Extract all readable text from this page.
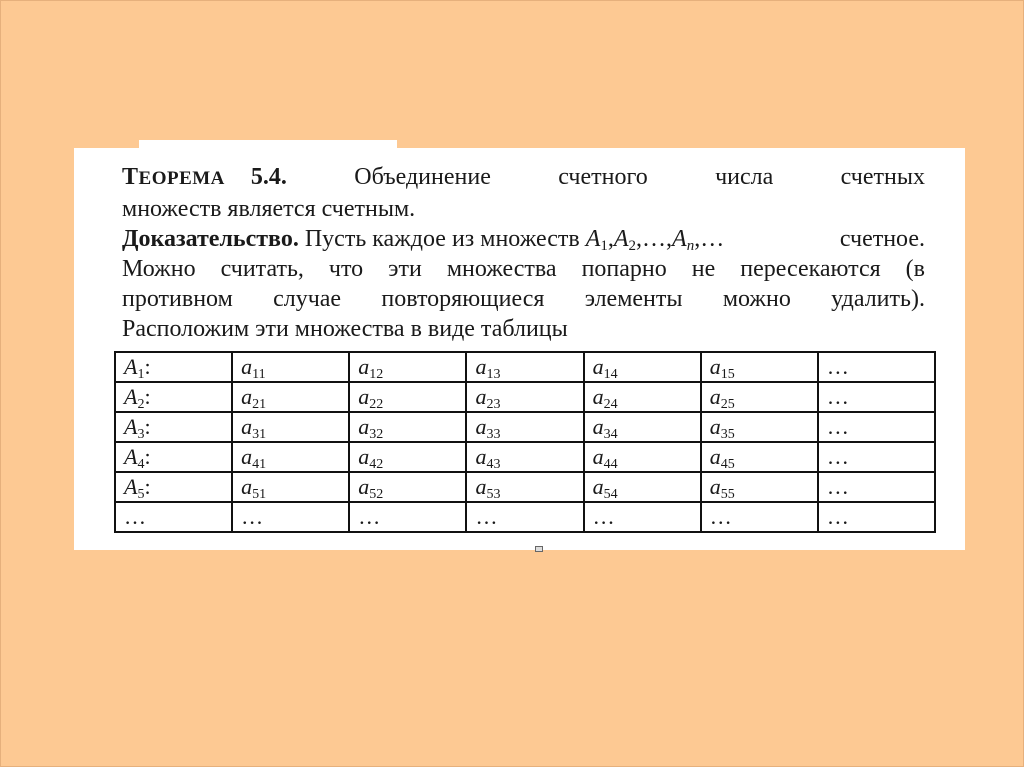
ТЕОРЕМА 5.4.	Объединение	счетного	числа	счетных
множеств является счетным.
Доказательство. Пусть каждое из множеств $A_1,A_2,\dots,A_n,\dots$	счетное.
Можно считать, что эти множества попарно не пересекаются (в
противном случае повторяющиеся элементы можно удалить).
Расположим эти множества в виде таблицы
$A_1$:	$a_{11}$	$a_{12}$	$a_{13}$	$a_{14}$	$a_{15}$	…
$A_2$:	$a_{21}$	$a_{22}$	$a_{23}$	$a_{24}$	$a_{25}$	…
$A_3$:	$a_{31}$	$a_{32}$	$a_{33}$	$a_{34}$	$a_{35}$	…
$A_4$:	$a_{41}$	$a_{42}$	$a_{43}$	$a_{44}$	$a_{45}$	…
$A_5$:	$a_{51}$	$a_{52}$	$a_{53}$	$a_{54}$	$a_{55}$	…
…	…	…	…	…	…	…
